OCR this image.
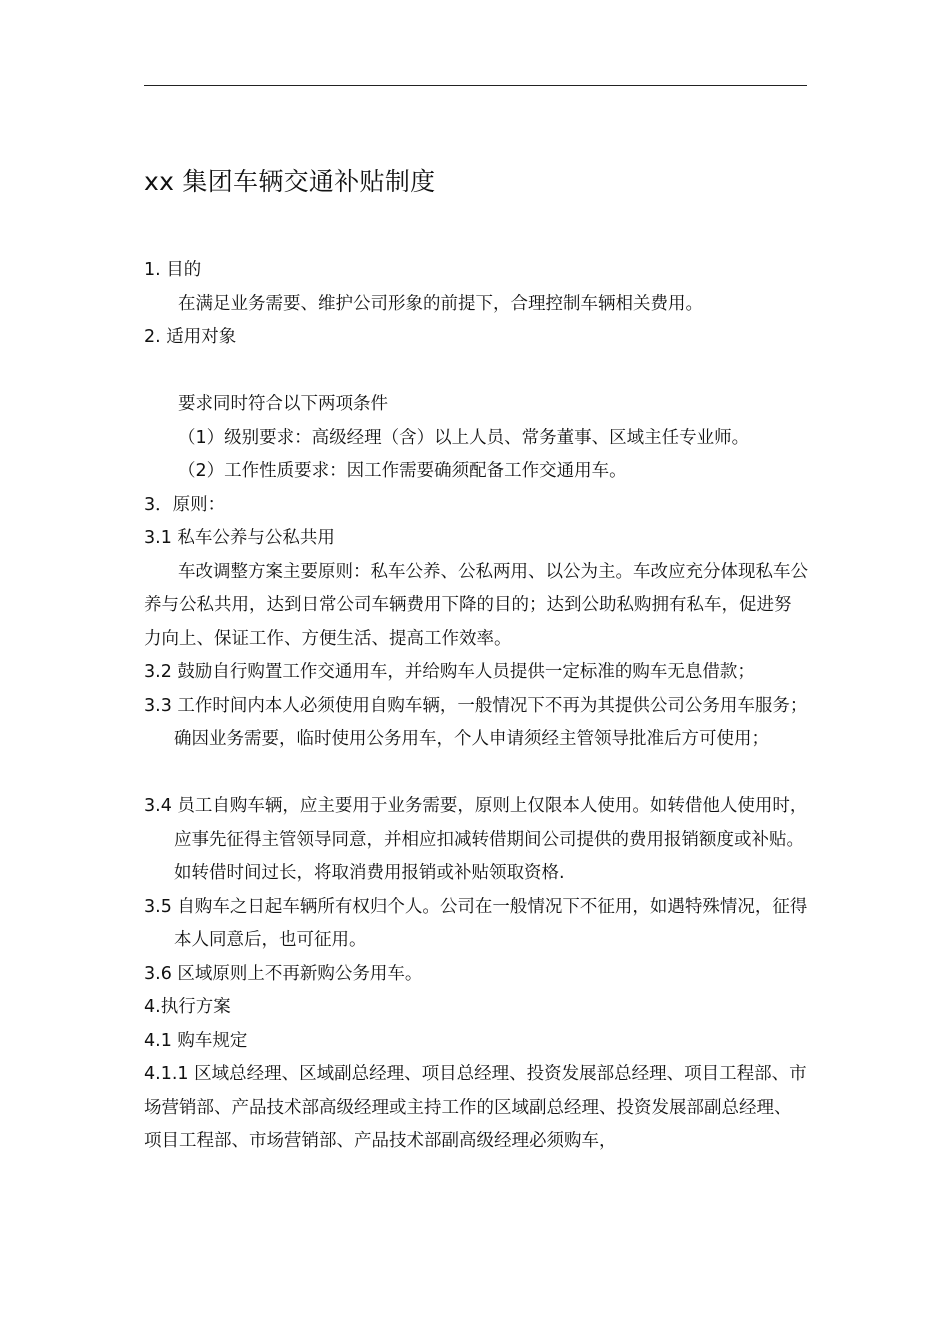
xx 集团车辆交通补贴制度
1. 目的
在满足业务需要、维护公司形象的前提下，合理控制车辆相关费用。
2. 适用对象
要求同时符合以下两项条件
（1）级别要求：高级经理（含）以上人员、常务董事、区域主任专业师。
（2）工作性质要求：因工作需要确须配备工作交通用车。
3．原则：
3.1 私车公养与公私共用
车改调整方案主要原则：私车公养、公私两用、以公为主。车改应充分体现私车公养与公私共用，达到日常公司车辆费用下降的目的；达到公助私购拥有私车，促进努力向上、保证工作、方便生活、提高工作效率。
3.2 鼓励自行购置工作交通用车，并给购车人员提供一定标准的购车无息借款；
3.3 工作时间内本人必须使用自购车辆，一般情况下不再为其提供公司公务用车服务；确因业务需要，临时使用公务用车，个人申请须经主管领导批准后方可使用；
3.4 员工自购车辆，应主要用于业务需要，原则上仅限本人使用。如转借他人使用时，应事先征得主管领导同意，并相应扣减转借期间公司提供的费用报销额度或补贴。如转借时间过长，将取消费用报销或补贴领取资格.
3.5 自购车之日起车辆所有权归个人。公司在一般情况下不征用，如遇特殊情况，征得本人同意后，也可征用。
3.6 区域原则上不再新购公务用车。
4.执行方案
4.1 购车规定
4.1.1 区域总经理、区域副总经理、项目总经理、投资发展部总经理、项目工程部、市场营销部、产品技术部高级经理或主持工作的区域副总经理、投资发展部副总经理、项目工程部、市场营销部、产品技术部副高级经理必须购车，
